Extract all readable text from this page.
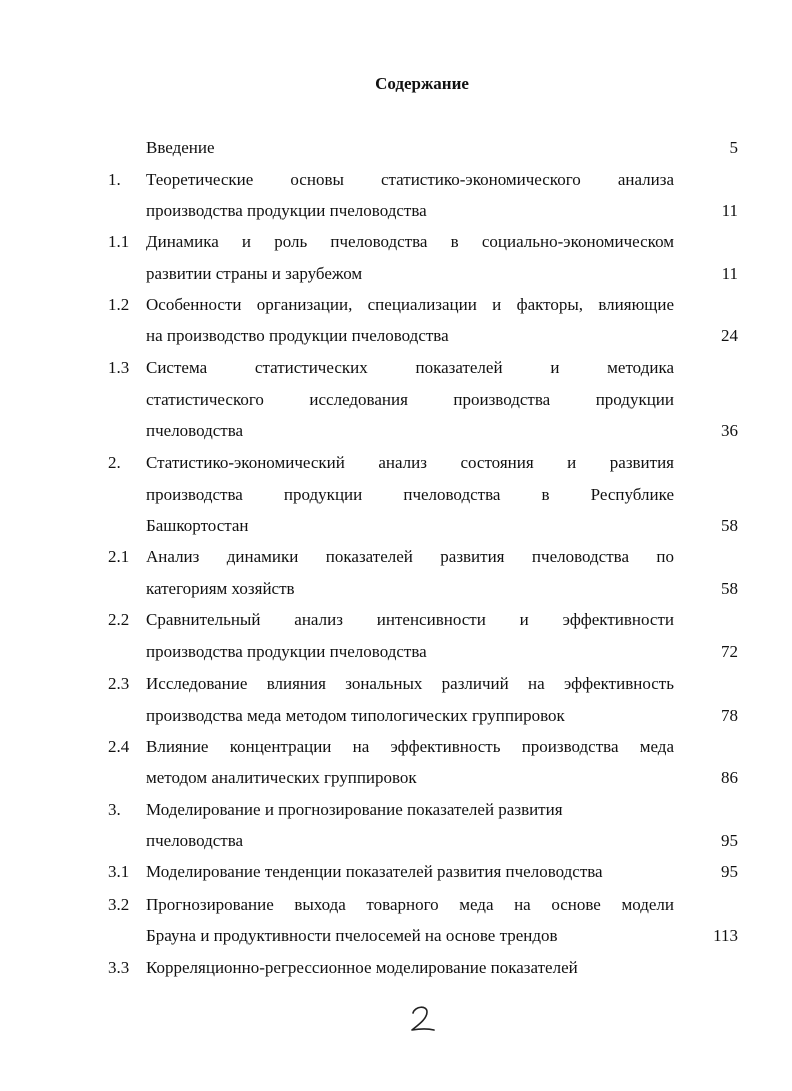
Содержание
Введение	5
1. Теоретические основы статистико-экономического анализа
производства продукции пчеловодства	11
1.1 Динамика и роль пчеловодства в социально-экономическом
развитии страны и зарубежом	11
1.2 Особенности организации, специализации и факторы, влияющие
на производство продукции пчеловодства	24
1.3 Система статистических показателей и методика
статистического исследования производства продукции
пчеловодства	36
2. Статистико-экономический анализ состояния и развития
производства продукции пчеловодства в Республике
Башкортостан	58
2.1 Анализ динамики показателей развития пчеловодства по
категориям хозяйств	58
2.2 Сравнительный анализ интенсивности и эффективности
производства продукции пчеловодства	72
2.3 Исследование влияния зональных различий на эффективность
производства меда методом типологических группировок	78
2.4 Влияние концентрации на эффективность производства меда
методом аналитических группировок	86
3. Моделирование и прогнозирование показателей развития
пчеловодства	95
3.1 Моделирование тенденции показателей развития пчеловодства	95
3.2 Прогнозирование выхода товарного меда на основе модели
Брауна и продуктивности пчелосемей на основе трендов	113
3.3 Корреляционно-регрессионное моделирование показателей
